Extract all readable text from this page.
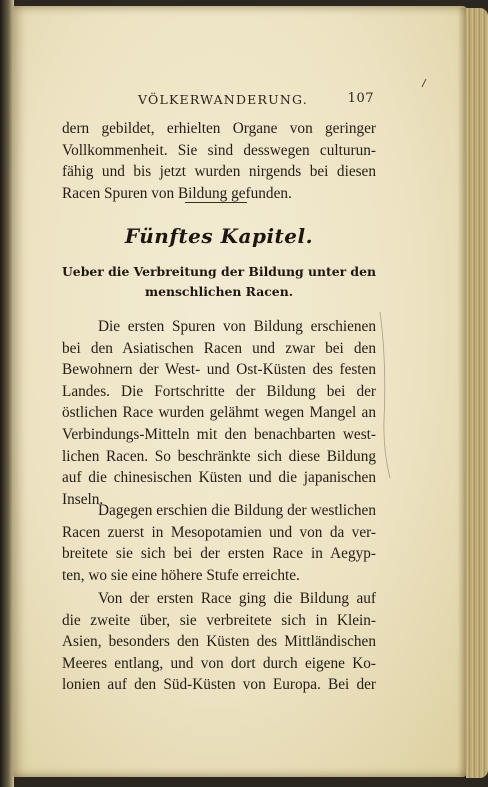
VÖLKERWANDERUNG.	107
dern gebildet, erhielten Organe von geringer
Vollkommenheit. Sie sind desswegen culturun-
fähig und bis jetzt wurden nirgends bei diesen
Racen Spuren von Bildung gefunden.
Fünftes Kapitel.
Ueber die Verbreitung der Bildung unter den
menschlichen Racen.
Die ersten Spuren von Bildung erschienen
bei den Asiatischen Racen und zwar bei den
Bewohnern der West- und Ost-Küsten des festen
Landes. Die Fortschritte der Bildung bei der
östlichen Race wurden gelähmt wegen Mangel an
Verbindungs-Mitteln mit den benachbarten west-
lichen Racen. So beschränkte sich diese Bildung
auf die chinesischen Küsten und die japanischen
Inseln.
Dagegen erschien die Bildung der westlichen
Racen zuerst in Mesopotamien und von da ver-
breitete sie sich bei der ersten Race in Aegyp-
ten, wo sie eine höhere Stufe erreichte.
Von der ersten Race ging die Bildung auf
die zweite über, sie verbreitete sich in Klein-
Asien, besonders den Küsten des Mittländischen
Meeres entlang, und von dort durch eigene Ko-
lonien auf den Süd-Küsten von Europa. Bei der
